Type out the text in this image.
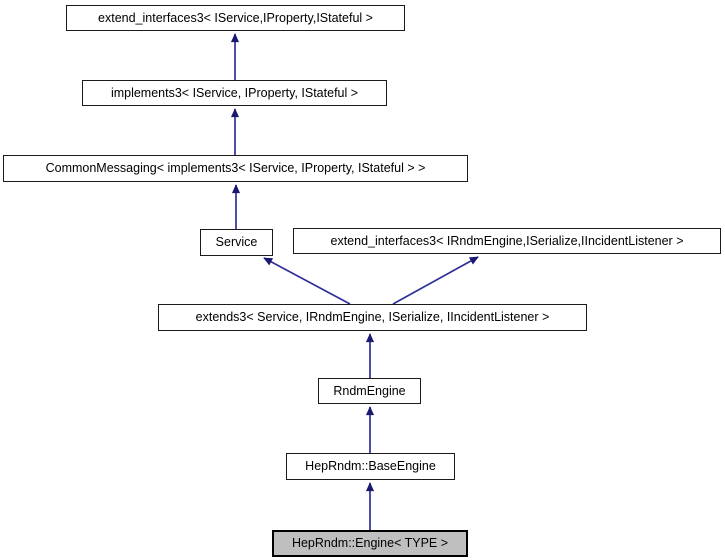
extend_interfaces3< IService,IProperty,IStateful >
implements3< IService, IProperty, IStateful >
CommonMessaging< implements3< IService, IProperty, IStateful > >
Service	extend_interfaces3< IRndmEngine,ISerialize,IIncidentListener >
extends3< Service, IRndmEngine, ISerialize, IIncidentListener >
RndmEngine
HepRndm::BaseEngine
HepRndm::Engine< TYPE >
